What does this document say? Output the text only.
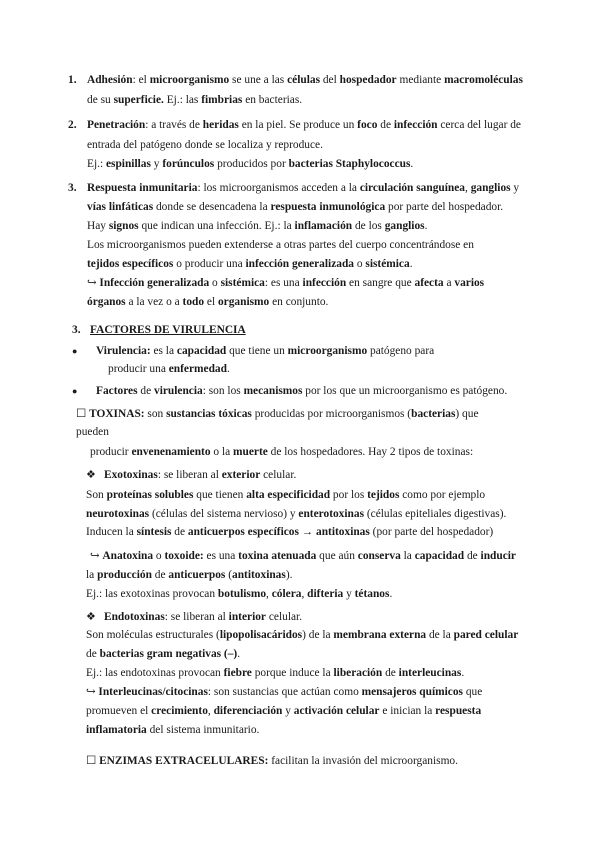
1. Adhesión: el microorganismo se une a las células del hospedador mediante macromoléculas
de su superficie. Ej.: las fimbrias en bacterias.
2. Penetración: a través de heridas en la piel. Se produce un foco de infección cerca del lugar de
entrada del patógeno donde se localiza y reproduce.
Ej.: espinillas y forúnculos producidos por bacterias Staphylococcus.
3. Respuesta inmunitaria: los microorganismos acceden a la circulación sanguínea, ganglios y
vías linfáticas donde se desencadena la respuesta inmunológica por parte del hospedador.
Hay signos que indican una infección. Ej.: la inflamación de los ganglios.
Los microorganismos pueden extenderse a otras partes del cuerpo concentrándose en
tejidos específicos o producir una infección generalizada o sistémica.
↪ Infección generalizada o sistémica: es una infección en sangre que afecta a varios
órganos a la vez o a todo el organismo en conjunto.
3. FACTORES DE VIRULENCIA
● Virulencia: es la capacidad que tiene un microorganismo patógeno para
producir una enfermedad.
● Factores de virulencia: son los mecanismos por los que un microorganismo es patógeno.
☐ TOXINAS: son sustancias tóxicas producidas por microorganismos (bacterias) que
pueden
producir envenenamiento o la muerte de los hospedadores. Hay 2 tipos de toxinas:
❖ Exotoxinas: se liberan al exterior celular.
Son proteínas solubles que tienen alta especificidad por los tejidos como por ejemplo
neurotoxinas (células del sistema nervioso) y enterotoxinas (células epiteliales digestivas).
Inducen la síntesis de anticuerpos específicos → antitoxinas (por parte del hospedador)
↪ Anatoxina o toxoide: es una toxina atenuada que aún conserva la capacidad de inducir
la producción de anticuerpos (antitoxinas).
Ej.: las exotoxinas provocan botulismo, cólera, difteria y tétanos.
❖ Endotoxinas: se liberan al interior celular.
Son moléculas estructurales (lipopolisacáridos) de la membrana externa de la pared celular
de bacterias gram negativas (–).
Ej.: las endotoxinas provocan fiebre porque induce la liberación de interleucinas.
↪ Interleucinas/citocinas: son sustancias que actúan como mensajeros químicos que
promueven el crecimiento, diferenciación y activación celular e inician la respuesta
inflamatoria del sistema inmunitario.
☐ ENZIMAS EXTRACELULARES: facilitan la invasión del microorganismo.
